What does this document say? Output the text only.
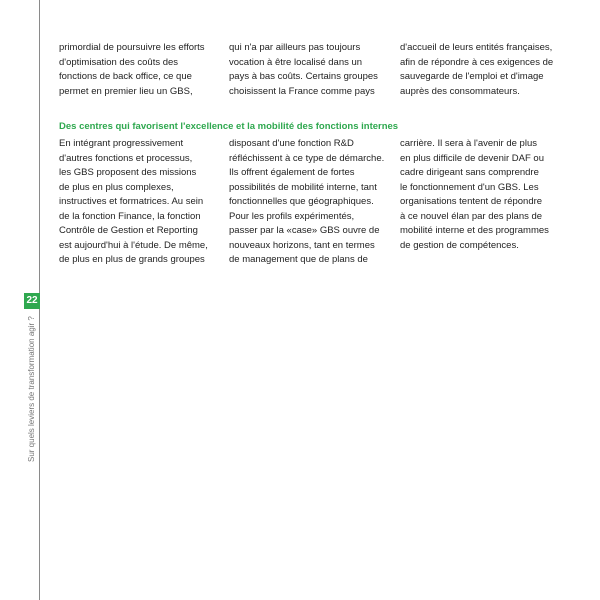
22
Sur quels leviers de transformation agir ?
primordial de poursuivre les efforts
d'optimisation des coûts des
fonctions de back office, ce que
permet en premier lieu un GBS,
qui n'a par ailleurs pas toujours
vocation à être localisé dans un
pays à bas coûts. Certains groupes
choisissent la France comme pays
d'accueil de leurs entités françaises,
afin de répondre à ces exigences de
sauvegarde de l'emploi et d'image
auprès des consommateurs.
Des centres qui favorisent l'excellence et la mobilité des fonctions internes
En intégrant progressivement
d'autres fonctions et processus,
les GBS proposent des missions
de plus en plus complexes,
instructives et formatrices. Au sein
de la fonction Finance, la fonction
Contrôle de Gestion et Reporting
est aujourd'hui à l'étude. De même,
de plus en plus de grands groupes
disposant d'une fonction R&D
réfléchissent à ce type de démarche.
Ils offrent également de fortes
possibilités de mobilité interne, tant
fonctionnelles que géographiques.
Pour les profils expérimentés,
passer par la «case» GBS ouvre de
nouveaux horizons, tant en termes
de management que de plans de
carrière. Il sera à l'avenir de plus
en plus difficile de devenir DAF ou
cadre dirigeant sans comprendre
le fonctionnement d'un GBS. Les
organisations tentent de répondre
à ce nouvel élan par des plans de
mobilité interne et des programmes
de gestion de compétences.
